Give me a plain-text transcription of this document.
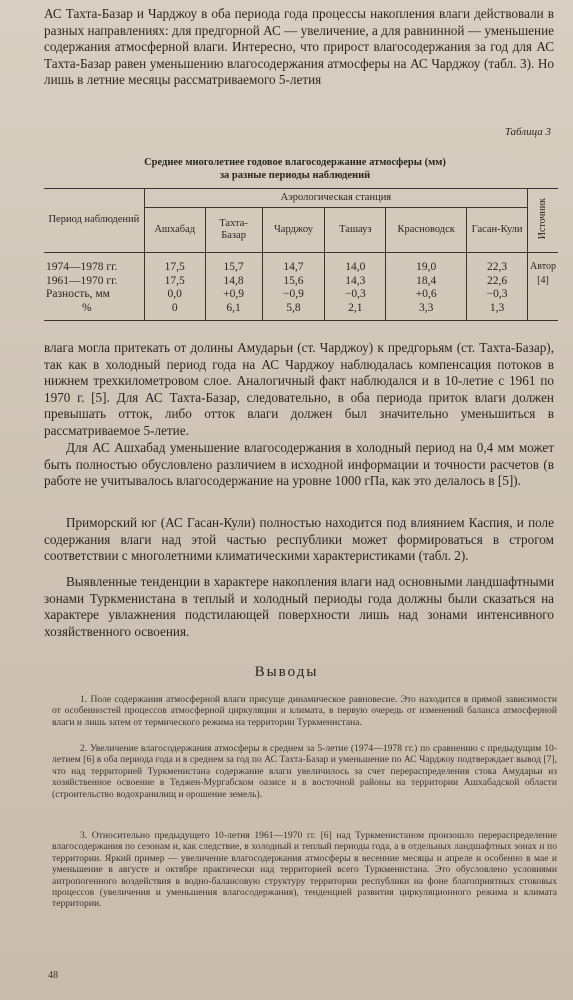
АС Тахта-Базар и Чарджоу в оба периода года процессы накопления влаги действовали в разных направлениях: для предгорной АС — увеличение, а для равнинной — уменьшение содержания атмосферной влаги. Интересно, что прирост влагосодержания за год для АС Тахта-Базар равен уменьшению влагосодержания атмосферы на АС Чарджоу (табл. 3). Но лишь в летние месяцы рассматриваемого 5-летия

Таблица 3
Среднее многолетнее годовое влагосодержание атмосферы (мм)
за разные периоды наблюдений
Период наблюдений	Аэрологическая станция						Источник
	Ашхабад	Тахта-Базар	Чарджоу	Ташауз	Красноводск	Гасан-Кули	
1974—1978 гг.	17,5	15,7	14,7	14,0	19,0	22,3	Автор
1961—1970 гг.	17,5	14,8	15,6	14,3	18,4	22,6	[4]
Разность, мм	0,0	+0,9	−0,9	−0,3	+0,6	−0,3	
%	0	6,1	5,8	2,1	3,3	1,3	

влага могла притекать от долины Амударьи (ст. Чарджоу) к предгорьям (ст. Тахта-Базар), так как в холодный период года на АС Чарджоу наблюдалась компенсация потоков в нижнем трехкилометровом слое. Аналогичный факт наблюдался и в 10-летие с 1961 по 1970 г. [5]. Для АС Тахта-Базар, следовательно, в оба периода приток влаги должен превышать отток, либо отток влаги должен был значительно уменьшиться в рассматриваемое 5-летие.

Для АС Ашхабад уменьшение влагосодержания в холодный период на 0,4 мм может быть полностью обусловлено различием в исходной информации и точности расчетов (в работе не учитывалось влагосодержание на уровне 1000 гПа, как это делалось в [5]).

Приморский юг (АС Гасан-Кули) полностью находится под влиянием Каспия, и поле содержания влаги над этой частью республики может формироваться в строгом соответствии с многолетними климатическими характеристиками (табл. 2).

Выявленные тенденции в характере накопления влаги над основными ландшафтными зонами Туркменистана в теплый и холодный периоды года должны были сказаться на характере увлажнения подстилающей поверхности лишь над зонами интенсивного хозяйственного освоения.

Выводы

1. Поле содержания атмосферной влаги присуще динамическое равновесие. Это находится в прямой зависимости от особенностей процессов атмосферной циркуляции и климата, в первую очередь от изменений баланса атмосферной влаги и лишь затем от термического режима на территории Туркменистана.

2. Увеличение влагосодержания атмосферы в среднем за 5-летие (1974—1978 гг.) по сравнению с предыдущим 10-летием [6] в оба периода года и в среднем за год по АС Тахта-Базар и уменьшение по АС Чарджоу подтверждает вывод [7], что над территорией Туркменистана содержание влаги увеличилось за счет перераспределения стока Амударьи из хозяйственное освоение в Теджен-Мургабском оазисе и в восточной районы на территории Ашхабадской области (строительство водохранилищ и орошение земель).

3. Относительно предыдущего 10-летия 1961—1970 гг. [6] над Туркменистаном произошло перераспределение влагосодержания по сезонам и, как следствие, в холодный и теплый периоды года, а в отдельных ландшафтных зонах и по территории. Яркий пример — увеличение влагосодержания атмосферы в весенние месяцы и апреле и особенно в мае и уменьшение в августе и октябре практически над территорией всего Туркменистана. Это обусловлено условиями антропогенного воздействия в водно-балансовую структуру территории республики на фоне благоприятных стоковых процессов (увеличения и уменьшения влагосодержания), тенденцией развития циркуляционного режима и климата территории.

48
